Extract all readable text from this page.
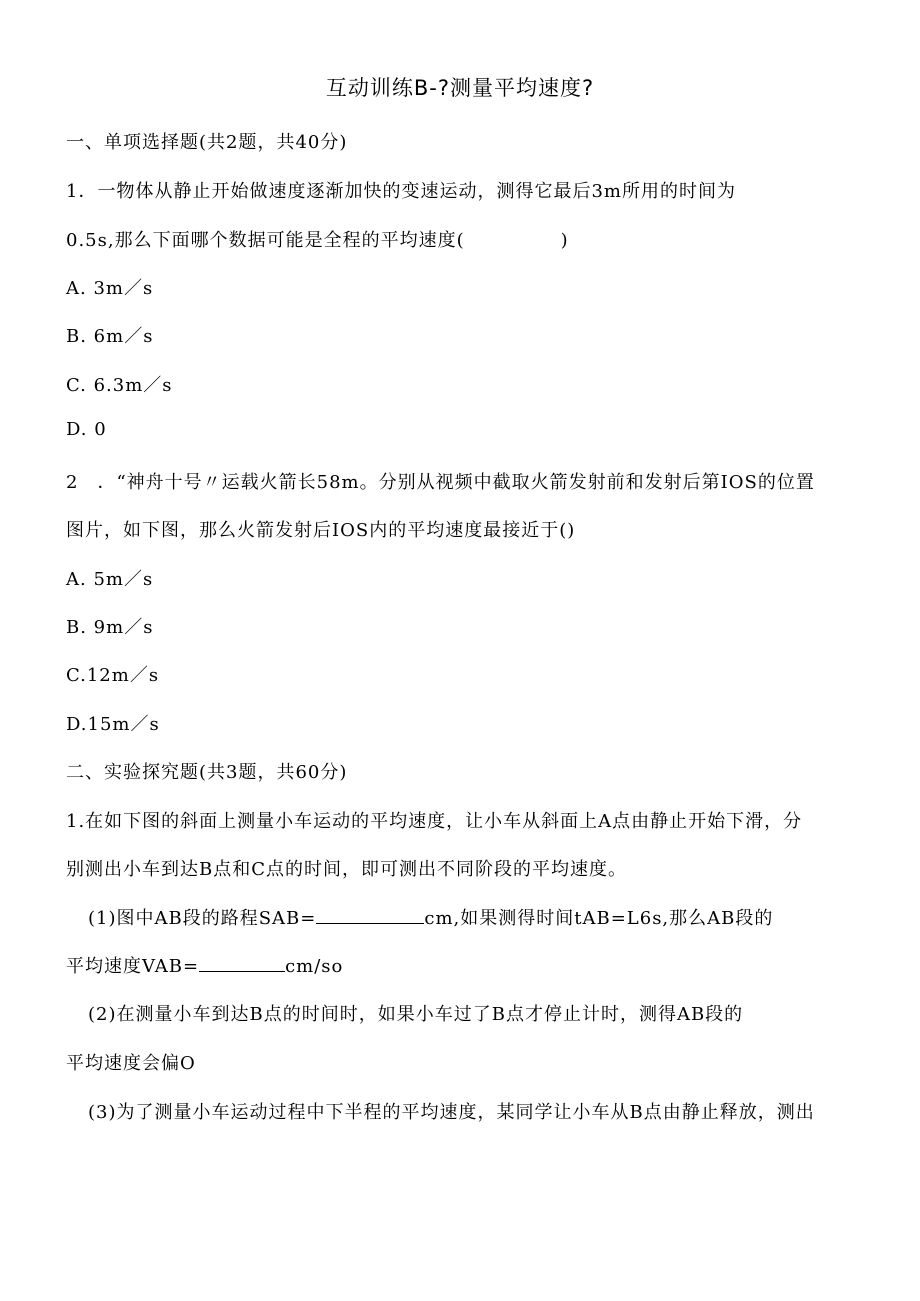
互动训练B-?测量平均速度?
一、单项选择题(共2题，共40分)
1．一物体从静止开始做速度逐渐加快的变速运动，测得它最后3m所用的时间为
0.5s,那么下面哪个数据可能是全程的平均速度(	)
A. 3m／s
B. 6m／s
C. 6.3m／s
D. 0
2　．“神舟十号〃运载火箭长58m。分别从视频中截取火箭发射前和发射后第IOS的位置
图片，如下图，那么火箭发射后IOS内的平均速度最接近于()
A. 5m／s
B. 9m／s
C.12m／s
D.15m／s
二、实验探究题(共3题，共60分)
1.在如下图的斜面上测量小车运动的平均速度，让小车从斜面上A点由静止开始下滑，分
别测出小车到达B点和C点的时间，即可测出不同阶段的平均速度。
(1)图中AB段的路程SAB=	cm,如果测得时间tAB=L6s,那么AB段的
平均速度VAB=	cm/so
(2)在测量小车到达B点的时间时，如果小车过了B点才停止计时，测得AB段的
平均速度会偏O
(3)为了测量小车运动过程中下半程的平均速度，某同学让小车从B点由静止释放，测出
